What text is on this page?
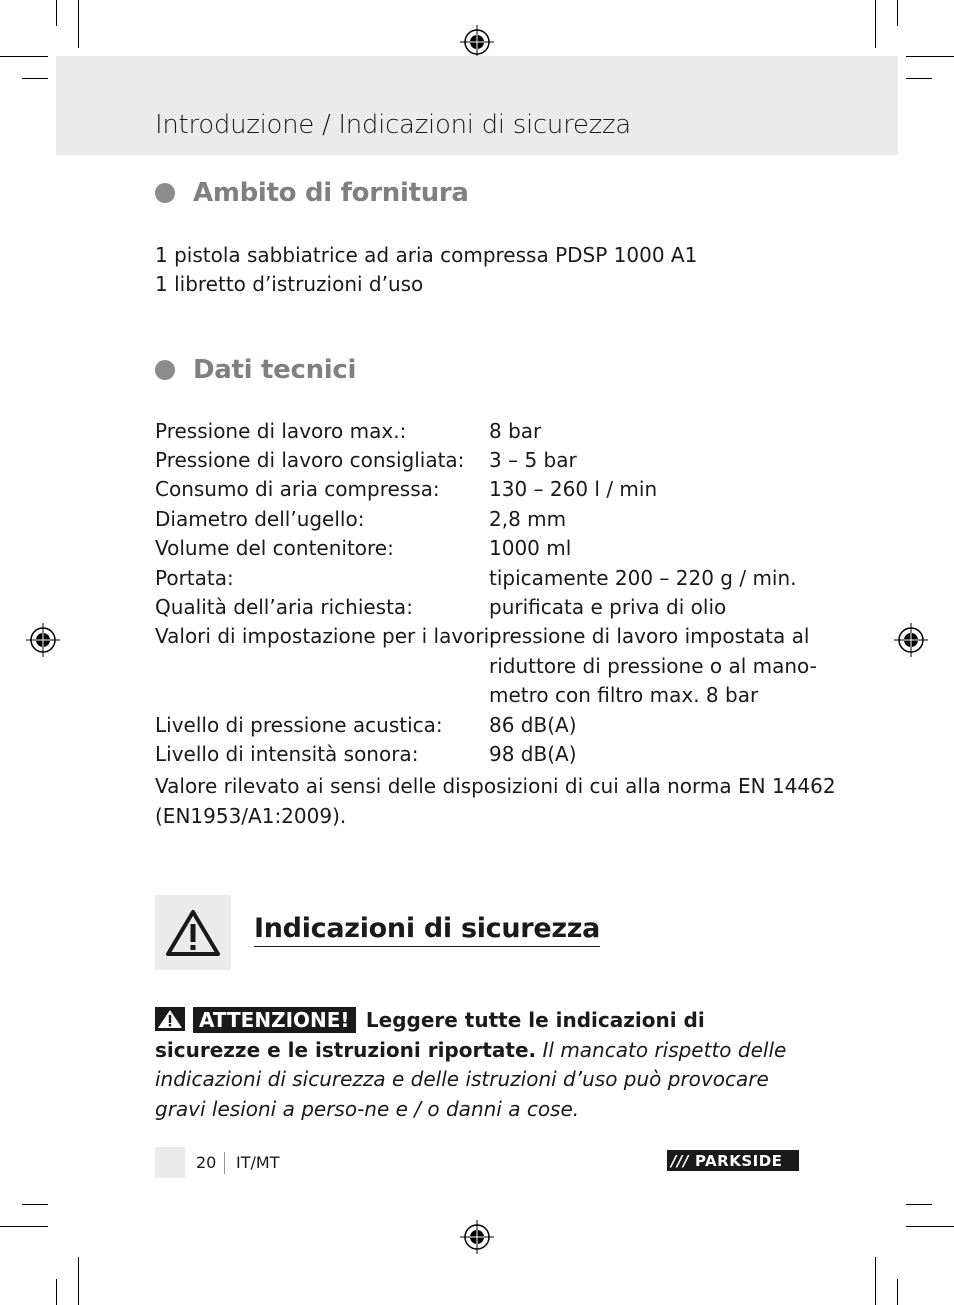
Introduzione / Indicazioni di sicurezza
Ambito di fornitura
1 pistola sabbiatrice ad aria compressa PDSP 1000 A1
1 libretto d’istruzioni d’uso
Dati tecnici
Pressione di lavoro max.:	8 bar
Pressione di lavoro consigliata: 3 – 5 bar
Consumo di aria compressa: 130 – 260 l / min
Diametro dell’ugello:	2,8 mm
Volume del contenitore:	1000 ml
Portata:	tipicamente 200 – 220 g / min.
Qualità dell’aria richiesta:	purificata e priva di olio
Valori di impostazione per i lavori:
pressione di lavoro impostata al
riduttore di pressione o al mano-
metro con filtro max. 8 bar
Livello di pressione acustica: 86 dB(A)
Livello di intensità sonora:	98 dB(A)
Valore rilevato ai sensi delle disposizioni di cui alla norma EN 14462
(EN1953/A1:2009).
Indicazioni di sicurezza
ATTENZIONE! Leggere tutte le indicazioni di sicurezze e le istruzioni riportate. Il mancato rispetto delle indicazioni di sicurezza e delle istruzioni d’uso può provocare gravi lesioni a perso-ne e / o danni a cose.
20 IT/MT	/// PARKSIDE
